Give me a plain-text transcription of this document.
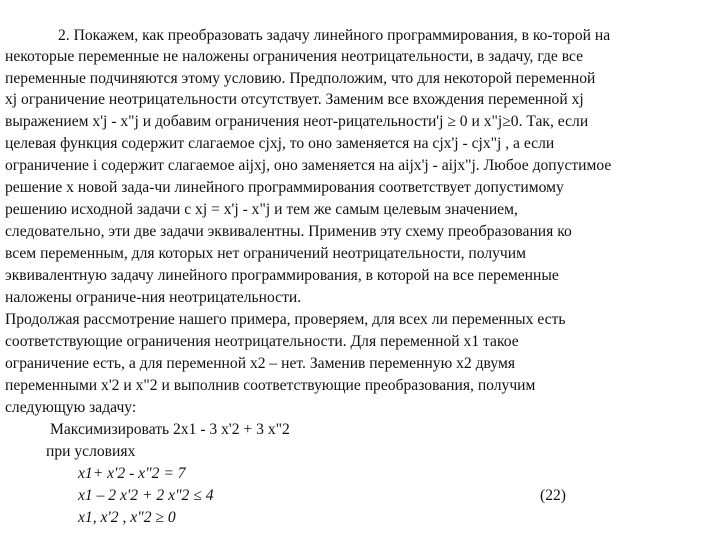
2. Покажем, как преобразовать задачу линейного программирования, в ко-торой на
некоторые переменные не наложены ограничения неотрицательности, в задачу, где все
переменные подчиняются этому условию. Предположим, что для некоторой переменной
xj ограничение неотрицательности отсутствует. Заменим все вхождения переменной xj
выражением x'j - x"j и добавим ограничения неот-рицательности'j ≥ 0 и x"j≥0. Так, если
целевая функция содержит слагаемое cjxj, то оно заменяется на cjx'j - cjx"j , а если
ограничение i содержит слагаемое aijxj, оно заменяется на aijx'j - aijx"j. Любое допустимое
решение x новой зада-чи линейного программирования соответствует допустимому
решению исходной задачи с xj = x'j - x"j и тем же самым целевым значением,
следовательно, эти две задачи эквивалентны. Применив эту схему преобразования ко
всем переменным, для которых нет ограничений неотрицательности, получим
эквивалентную задачу линейного программирования, в которой на все переменные
наложены ограниче-ния неотрицательности.
Продолжая рассмотрение нашего примера, проверяем, для всех ли переменных есть
соответствующие ограничения неотрицательности. Для переменной x1 такое
ограничение есть, а для переменной x2 – нет. Заменив переменную x2 двумя
переменными x'2 и x"2 и выполнив соответствующие преобразования, получим
следующую задачу:
Максимизировать 2x1 - 3 x'2 + 3 x"2
при условиях
x1+ x'2 - x"2 = 7
x1 – 2 x'2 + 2 x"2 ≤ 4	(22)
x1, x'2 , x"2 ≥ 0
